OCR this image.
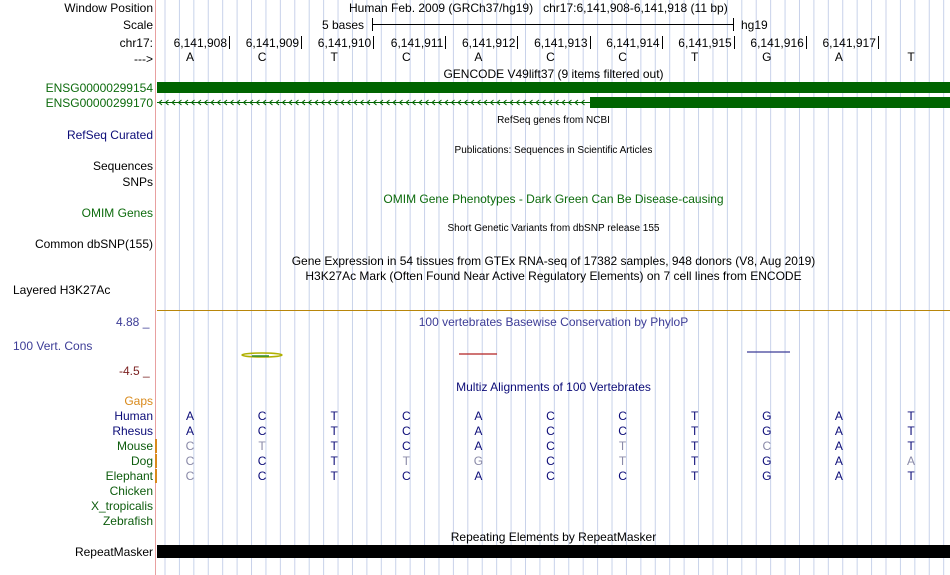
Window Position
Scale
chr17:
--->
Human Feb. 2009 (GRCh37/hg19)   chr17:6,141,908-6,141,918 (11 bp)
5 bases	hg19
6,141,908	6,141,909	6,141,910	6,141,911	6,141,912	6,141,913	6,141,914	6,141,915	6,141,916	6,141,917
A	C	T	C	A	C	C	T	G	A	T
GENCODE V49lift37 (9 items filtered out)
ENSG00000299154
ENSG00000299170
RefSeq genes from NCBI
RefSeq Curated
Publications: Sequences in Scientific Articles
Sequences
SNPs
OMIM Gene Phenotypes - Dark Green Can Be Disease-causing
OMIM Genes
Short Genetic Variants from dbSNP release 155
Common dbSNP(155)
Gene Expression in 54 tissues from GTEx RNA-seq of 17382 samples, 948 donors (V8, Aug 2019)
H3K27Ac Mark (Often Found Near Active Regulatory Elements) on 7 cell lines from ENCODE
Layered H3K27Ac
4.88 _	100 vertebrates Basewise Conservation by PhyloP
100 Vert. Cons
-4.5 _
Multiz Alignments of 100 Vertebrates
Gaps
Human	A	C	T	C	A	C	C	T	G	A	T
Rhesus	A	C	T	C	A	C	C	T	G	A	T
Mouse	C	T	T	C	A	C	T	T	C	A	T
Dog	C	C	T	T	G	C	T	T	G	A	A
Elephant	C	C	T	C	A	C	C	T	G	A	T
Chicken
X_tropicalis
Zebrafish
Repeating Elements by RepeatMasker
RepeatMasker
